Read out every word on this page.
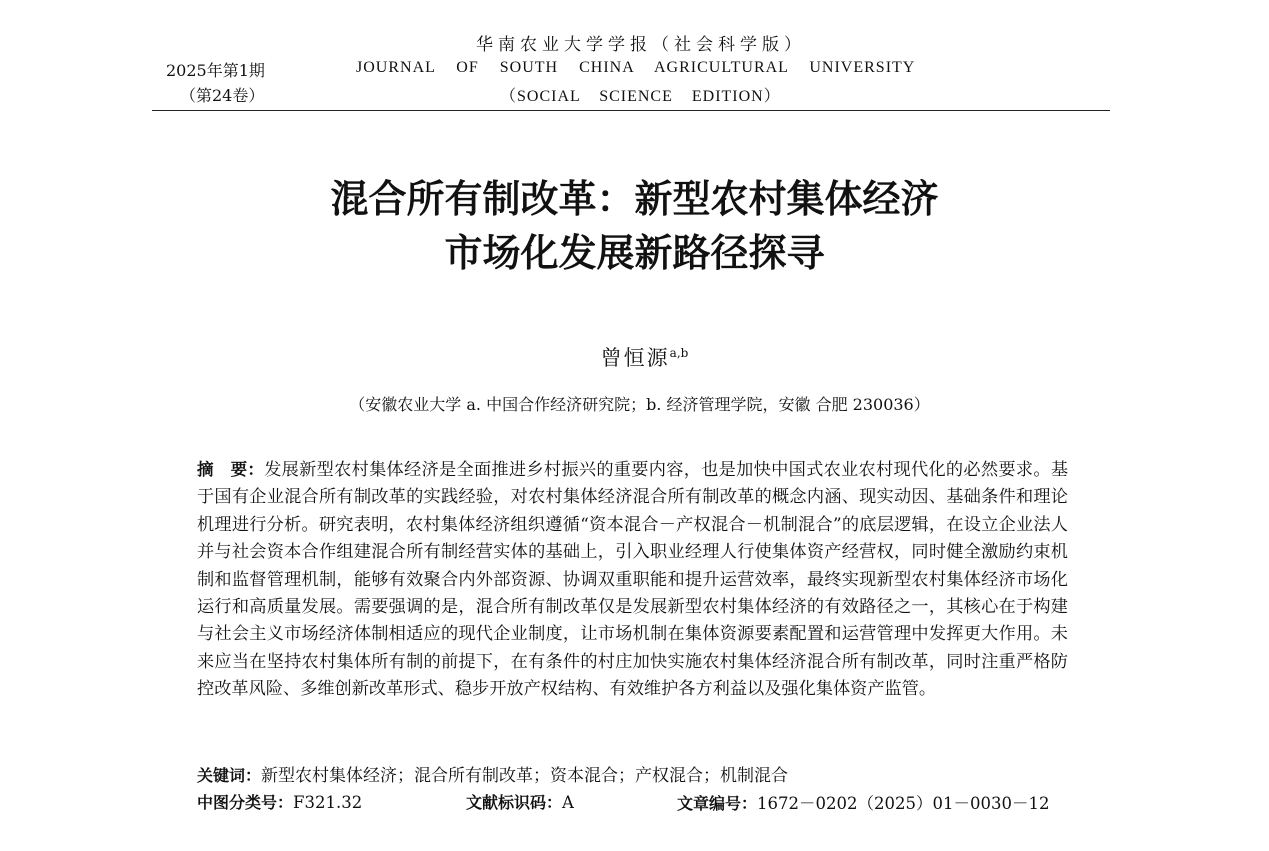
华南农业大学学报（社会科学版）
2025年第1期
（第24卷）
JOURNAL OF SOUTH CHINA AGRICULTURAL UNIVERSITY
（SOCIAL SCIENCE EDITION）
混合所有制改革：新型农村集体经济
市场化发展新路径探寻
曾恒源$^{a,b}$
（安徽农业大学 a. 中国合作经济研究院；b. 经济管理学院，安徽 合肥 230036）
摘　要：发展新型农村集体经济是全面推进乡村振兴的重要内容，也是加快中国式农业农村现代化的必然要求。基于国有企业混合所有制改革的实践经验，对农村集体经济混合所有制改革的概念内涵、现实动因、基础条件和理论机理进行分析。研究表明，农村集体经济组织遵循“资本混合－产权混合－机制混合”的底层逻辑，在设立企业法人并与社会资本合作组建混合所有制经营实体的基础上，引入职业经理人行使集体资产经营权，同时健全激励约束机制和监督管理机制，能够有效聚合内外部资源、协调双重职能和提升运营效率，最终实现新型农村集体经济市场化运行和高质量发展。需要强调的是，混合所有制改革仅是发展新型农村集体经济的有效路径之一，其核心在于构建与社会主义市场经济体制相适应的现代企业制度，让市场机制在集体资源要素配置和运营管理中发挥更大作用。未来应当在坚持农村集体所有制的前提下，在有条件的村庄加快实施农村集体经济混合所有制改革，同时注重严格防控改革风险、多维创新改革形式、稳步开放产权结构、有效维护各方利益以及强化集体资产监管。
关键词：新型农村集体经济；混合所有制改革；资本混合；产权混合；机制混合
中图分类号：F321.32	文献标识码：A	文章编号：1672－0202（2025）01－0030－12
